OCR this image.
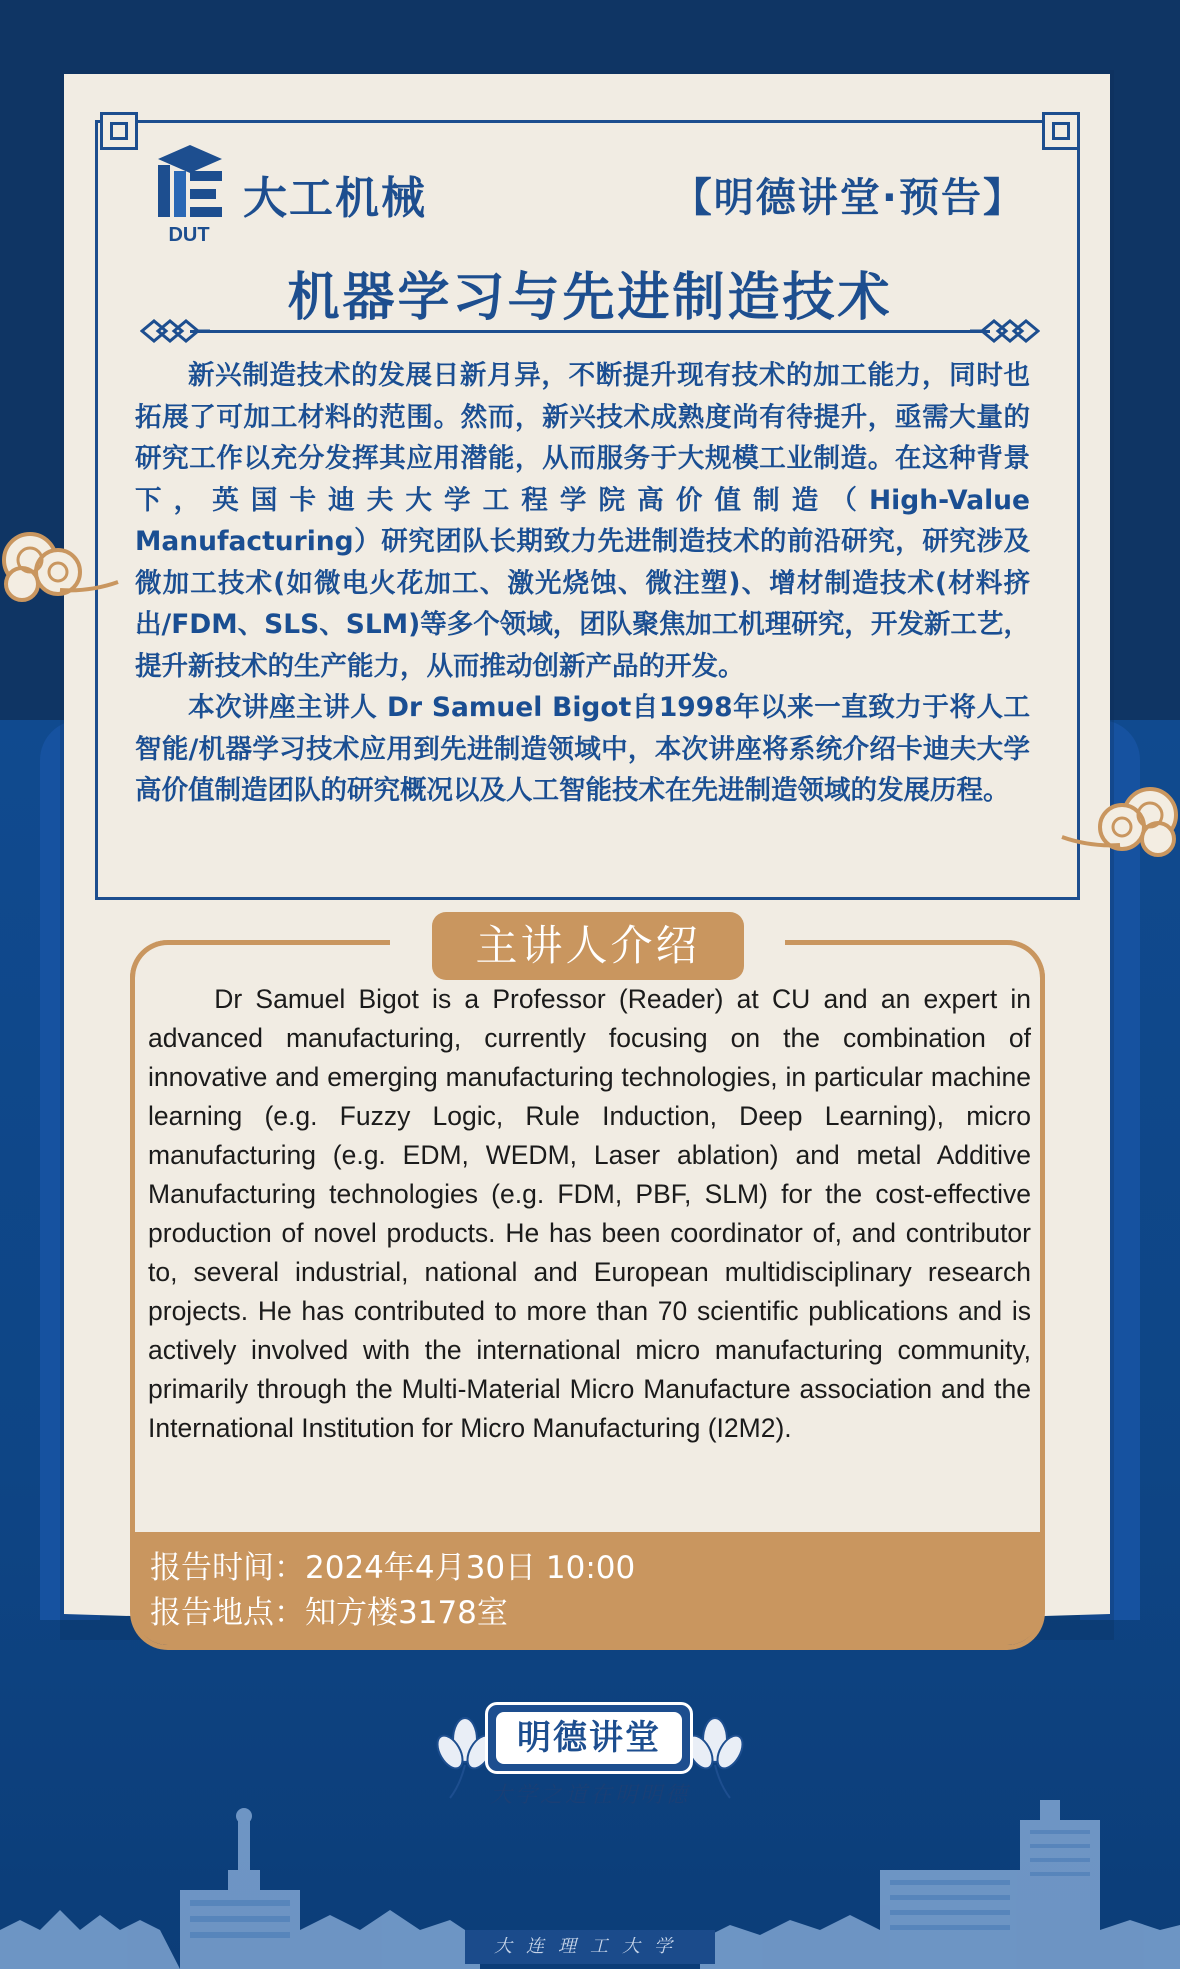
DUT
大工机械	【明德讲堂·预告】
机器学习与先进制造技术

新兴制造技术的发展日新月异，不断提升现有技术的加工能力，同时也拓展了可加工材料的范围。然而，新兴技术成熟度尚有待提升，亟需大量的研究工作以充分发挥其应用潜能，从而服务于大规模工业制造。在这种背景下，英国卡迪夫大学工程学院高价值制造（High-Value Manufacturing）研究团队长期致力先进制造技术的前沿研究，研究涉及微加工技术(如微电火花加工、激光烧蚀、微注塑)、增材制造技术(材料挤出/FDM、SLS、SLM)等多个领域，团队聚焦加工机理研究，开发新工艺，提升新技术的生产能力，从而推动创新产品的开发。

本次讲座主讲人 Dr Samuel Bigot自1998年以来一直致力于将人工智能/机器学习技术应用到先进制造领域中，本次讲座将系统介绍卡迪夫大学高价值制造团队的研究概况以及人工智能技术在先进制造领域的发展历程。

主讲人介绍

Dr Samuel Bigot is a Professor (Reader) at CU and an expert in advanced manufacturing, currently focusing on the combination of innovative and emerging manufacturing technologies, in particular machine learning (e.g. Fuzzy Logic, Rule Induction, Deep Learning), micro manufacturing (e.g. EDM, WEDM, Laser ablation) and metal Additive Manufacturing technologies (e.g. FDM, PBF, SLM) for the cost-effective production of novel products. He has been coordinator of, and contributor to, several industrial, national and European multidisciplinary research projects. He has contributed to more than 70 scientific publications and is actively involved with the international micro manufacturing community, primarily through the Multi-Material Micro Manufacture association and the International Institution for Micro Manufacturing (I2M2).

报告时间：2024年4月30日 10:00
报告地点：知方楼3178室
明德讲堂
大学之道在明明德
大连理工大学
